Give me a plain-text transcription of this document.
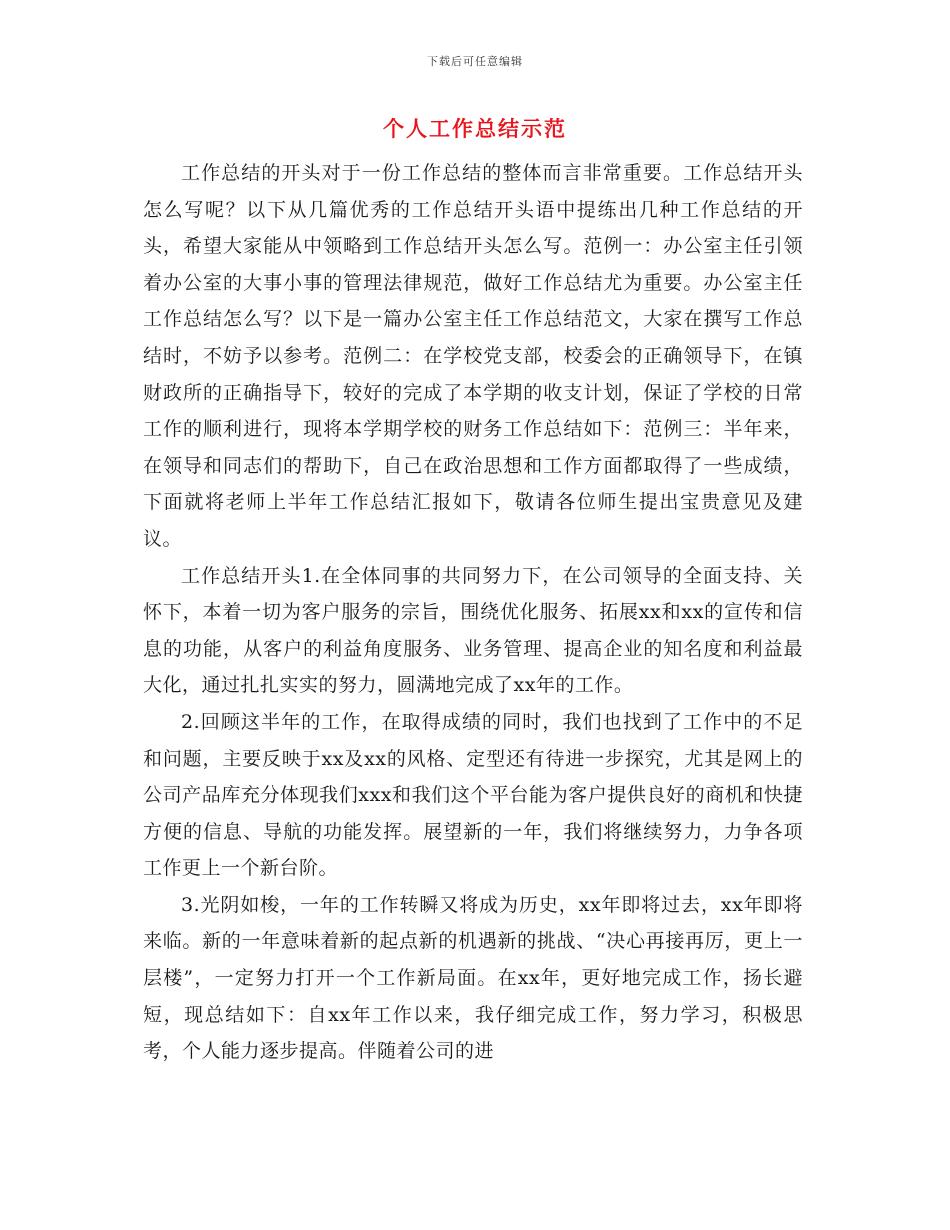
下载后可任意编辑
个人工作总结示范

工作总结的开头对于一份工作总结的整体而言非常重要。工作总结开头怎么写呢？以下从几篇优秀的工作总结开头语中提练出几种工作总结的开头，希望大家能从中领略到工作总结开头怎么写。范例一：办公室主任引领着办公室的大事小事的管理法律规范，做好工作总结尤为重要。办公室主任工作总结怎么写？以下是一篇办公室主任工作总结范文，大家在撰写工作总结时，不妨予以参考。范例二：在学校党支部，校委会的正确领导下，在镇财政所的正确指导下，较好的完成了本学期的收支计划，保证了学校的日常工作的顺利进行，现将本学期学校的财务工作总结如下：范例三：半年来，在领导和同志们的帮助下，自己在政治思想和工作方面都取得了一些成绩，下面就将老师上半年工作总结汇报如下，敬请各位师生提出宝贵意见及建议。

工作总结开头1.在全体同事的共同努力下，在公司领导的全面支持、关怀下，本着一切为客户服务的宗旨，围绕优化服务、拓展xx和xx的宣传和信息的功能，从客户的利益角度服务、业务管理、提高企业的知名度和利益最大化，通过扎扎实实的努力，圆满地完成了xx年的工作。

2.回顾这半年的工作，在取得成绩的同时，我们也找到了工作中的不足和问题，主要反映于xx及xx的风格、定型还有待进一步探究，尤其是网上的公司产品库充分体现我们xxx和我们这个平台能为客户提供良好的商机和快捷方便的信息、导航的功能发挥。展望新的一年，我们将继续努力，力争各项工作更上一个新台阶。

3.光阴如梭，一年的工作转瞬又将成为历史，xx年即将过去，xx年即将来临。新的一年意味着新的起点新的机遇新的挑战、“决心再接再厉，更上一层楼”，一定努力打开一个工作新局面。在xx年，更好地完成工作，扬长避短，现总结如下：自xx年工作以来，我仔细完成工作，努力学习，积极思考，个人能力逐步提高。伴随着公司的进
